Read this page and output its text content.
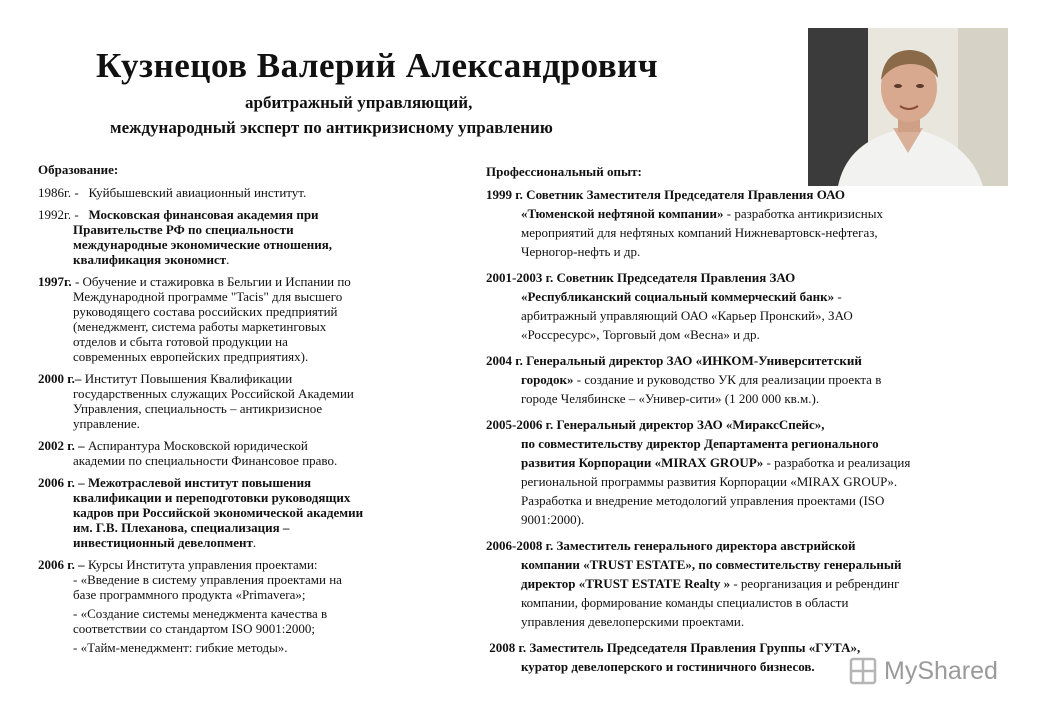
Кузнецов Валерий Александрович
арбитражный управляющий,
международный эксперт по антикризисному управлению
Образование:
1986г. - Куйбышевский авиационный институт.
1992г. - Московская финансовая академия при
Правительстве РФ по специальности
международные экономические отношения,
квалификация экономист.
1997г. - Обучение и стажировка в Бельгии и Испании по
Международной программе "Tacis" для высшего
руководящего состава российских предприятий
(менеджмент, система работы маркетинговых
отделов и сбыта готовой продукции на
современных европейских предприятиях).
2000 г.– Институт Повышения Квалификации
государственных служащих Российской Академии
Управления, специальность – антикризисное
управление.
2002 г. – Аспирантура Московской юридической
академии по специальности Финансовое право.
2006 г. – Межотраслевой институт повышения
квалификации и переподготовки руководящих
кадров при Российской экономической академии
им. Г.В. Плеханова, специализация –
инвестиционный девелопмент.
2006 г. – Курсы Института управления проектами:
- «Введение в систему управления проектами на
базе программного продукта «Primavera»;
- «Создание системы менеджмента качества в
соответствии со стандартом ISO 9001:2000;
- «Тайм-менеджмент: гибкие методы».
Профессиональный опыт:
1999 г. Советник Заместителя Председателя Правления ОАО
«Тюменской нефтяной компании» - разработка антикризисных
мероприятий для нефтяных компаний Нижневартовск-нефтегаз,
Черногор-нефть и др.
2001-2003 г. Советник Председателя Правления ЗАО
«Республиканский социальный коммерческий банк» -
арбитражный управляющий ОАО «Карьер Пронский», ЗАО
«Россресурс», Торговый дом «Весна» и др.
2004 г. Генеральный директор ЗАО «ИНКОМ-Университетский
городок» - создание и руководство УК для реализации проекта в
городе Челябинске – «Универ-сити» (1 200 000 кв.м.).
2005-2006 г. Генеральный директор ЗАО «МираксСпейс»,
по совместительству директор Департамента регионального
развития Корпорации «MIRAX GROUP» - разработка и реализация
региональной программы развития Корпорации «MIRAX GROUP».
Разработка и внедрение методологий управления проектами (ISO
9001:2000).
2006-2008 г. Заместитель генерального директора австрийской
компании «TRUST ESTATE», по совместительству генеральный
директор «TRUST ESTATE Realty » - реорганизация и ребрендинг
компании, формирование команды специалистов в области
управления девелоперскими проектами.
2008 г. Заместитель Председателя Правления Группы «ГУТА»,
куратор девелоперского и гостиничного бизнесов.	MyShared
